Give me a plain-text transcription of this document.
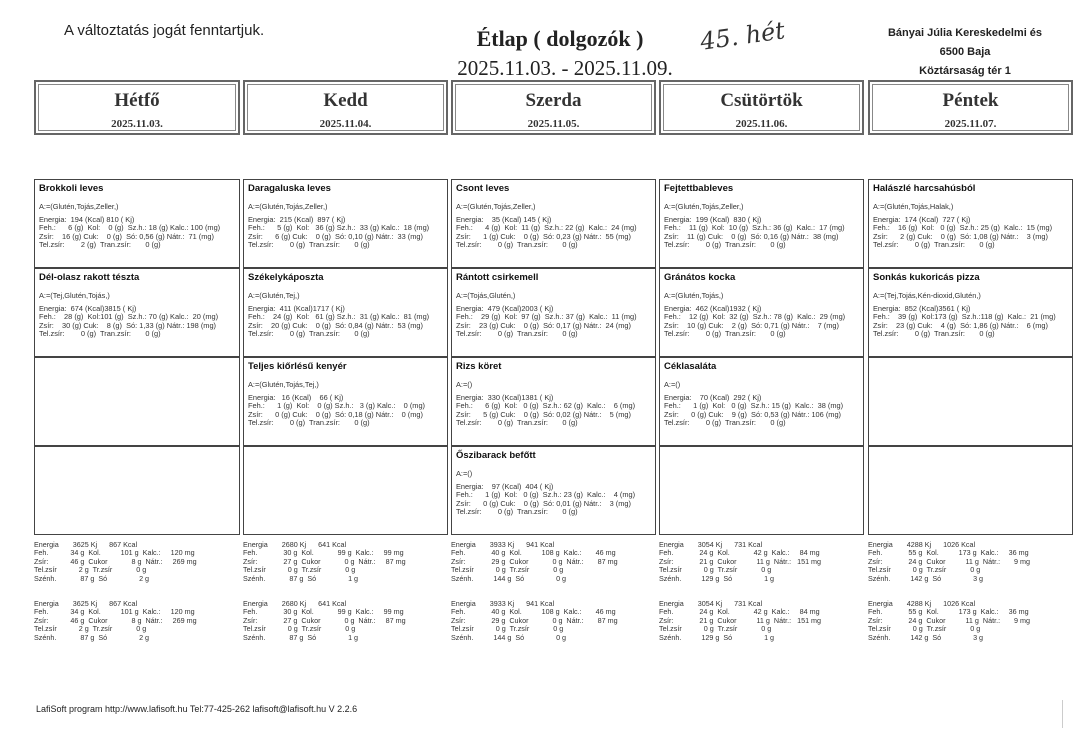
A változtatás jogát fenntartjuk.	Étlap ( dolgozók )
2025.11.03. - 2025.11.09.
45. hét	Bányai Júlia Kereskedelmi és
6500 Baja
Köztársaság tér 1
Hétfő
2025.11.03.
Kedd
2025.11.04.
Szerda
2025.11.05.
Csütörtök
2025.11.06.
Péntek
2025.11.07.
Brokkoli leves
A:=(Glutén,Tojás,Zeller,)
Energia:  194 (Kcal) 810 ( Kj)
Feh.:      6 (g)  Kol:    0 (g)  Sz.h.: 18 (g) Kalc.: 100 (mg)
Zsír:    16 (g) Cuk:    0 (g)  Só: 0,56 (g) Nátr.:  71 (mg)
Tel.zsír:        2 (g)  Tran.zsír:       0 (g)
Dél-olasz rakott tészta
A:=(Tej,Glutén,Tojás,)
Energia:  674 (Kcal)3815 ( Kj)
Feh.:    28 (g)  Kol:101 (g)  Sz.h.: 70 (g) Kalc.:  20 (mg)
Zsír:    30 (g) Cuk:    8 (g)  Só: 1,33 (g) Nátr.: 198 (mg)
Tel.zsír:        0 (g)  Tran.zsír:       0 (g)
Daragaluska leves
A:=(Glutén,Tojás,Zeller,)
Energia:  215 (Kcal)  897 ( Kj)
Feh.:      5 (g)  Kol:   36 (g) Sz.h.:  33 (g) Kalc.:  18 (mg)
Zsír:      6 (g) Cuk:    0 (g)  Só: 0,10 (g) Nátr.:  33 (mg)
Tel.zsír:        0 (g)  Tran.zsír:       0 (g)
Székelykáposzta
A:=(Glutén,Tej,)
Energia:  411 (Kcal)1717 ( Kj)
Feh.:    24 (g)  Kol:   61 (g) Sz.h.:  31 (g) Kalc.:  81 (mg)
Zsír:    20 (g) Cuk:    0 (g)  Só: 0,84 (g) Nátr.:  53 (mg)
Tel.zsír:        0 (g)  Tran.zsír:       0 (g)
Teljes kiőrlésű kenyér
A:=(Glutén,Tojás,Tej,)
Energia:   16 (Kcal)    66 ( Kj)
Feh.:      1 (g)  Kol:    0 (g) Sz.h.:   3 (g) Kalc.:    0 (mg)
Zsír:      0 (g) Cuk:    0 (g)  Só: 0,18 (g) Nátr.:    0 (mg)
Tel.zsír:        0 (g)  Tran.zsír:       0 (g)
Csont leves
A:=(Glutén,Tojás,Zeller,)
Energia:    35 (Kcal) 145 ( Kj)
Feh.:      4 (g)  Kol:  11 (g)  Sz.h.: 22 (g)  Kalc.:  24 (mg)
Zsír:      1 (g) Cuk:    0 (g)  Só: 0,23 (g) Nátr.:  55 (mg)
Tel.zsír:        0 (g)  Tran.zsír:       0 (g)
Rántott csirkemell
A:=(Tojás,Glutén,)
Energia:  479 (Kcal)2003 ( Kj)
Feh.:    29 (g)  Kol:  97 (g)  Sz.h.: 37 (g)  Kalc.:  11 (mg)
Zsír:    23 (g) Cuk:    0 (g)  Só: 0,17 (g) Nátr.:  24 (mg)
Tel.zsír:        0 (g)  Tran.zsír:       0 (g)
Rizs köret
A:=()
Energia:  330 (Kcal)1381 ( Kj)
Feh.:      6 (g)  Kol:   0 (g)  Sz.h.: 62 (g)  Kalc.:    6 (mg)
Zsír:      5 (g) Cuk:    0 (g)  Só: 0,02 (g) Nátr.:    5 (mg)
Tel.zsír:        0 (g)  Tran.zsír:       0 (g)
Őszibarack befőtt
A:=()
Energia:    97 (Kcal)  404 ( Kj)
Feh.:      1 (g)  Kol:   0 (g)  Sz.h.: 23 (g)  Kalc.:    4 (mg)
Zsír:      0 (g) Cuk:    0 (g)  Só: 0,01 (g) Nátr.:    3 (mg)
Tel.zsír:        0 (g)  Tran.zsír:       0 (g)
Fejtettbableves
A:=(Glutén,Tojás,Zeller,)
Energia:  199 (Kcal)  830 ( Kj)
Feh.:    11 (g)  Kol:  10 (g)  Sz.h.: 36 (g)  Kalc.:  17 (mg)
Zsír:    11 (g) Cuk:    0 (g)  Só: 0,16 (g) Nátr.:  38 (mg)
Tel.zsír:        0 (g)  Tran.zsír:       0 (g)
Gránátos kocka
A:=(Glutén,Tojás,)
Energia:  462 (Kcal)1932 ( Kj)
Feh.:    12 (g)  Kol:  32 (g)  Sz.h.: 78 (g)  Kalc.:  29 (mg)
Zsír:    10 (g) Cuk:    2 (g)  Só: 0,71 (g) Nátr.:    7 (mg)
Tel.zsír:        0 (g)  Tran.zsír:       0 (g)
Céklasaláta
A:=()
Energia:    70 (Kcal)  292 ( Kj)
Feh.:      1 (g)  Kol:   0 (g)  Sz.h.: 15 (g)  Kalc.:  38 (mg)
Zsír:      0 (g) Cuk:    9 (g)  Só: 0,53 (g) Nátr.: 106 (mg)
Tel.zsír:        0 (g)  Tran.zsír:       0 (g)
Halászlé harcsahúsból
A:=(Glutén,Tojás,Halak,)
Energia:  174 (Kcal)  727 ( Kj)
Feh.:    16 (g)  Kol:   0 (g)  Sz.h.: 25 (g)  Kalc.:  15 (mg)
Zsír:      2 (g) Cuk:    0 (g)  Só: 1,08 (g) Nátr.:    3 (mg)
Tel.zsír:        0 (g)  Tran.zsír:       0 (g)
Sonkás kukoricás pizza
A:=(Tej,Tojás,Kén-dioxid,Glutén,)
Energia:  852 (Kcal)3561 ( Kj)
Feh.:    39 (g)  Kol:173 (g)  Sz.h.:118 (g)  Kalc.:  21 (mg)
Zsír:    23 (g) Cuk:    4 (g)  Só: 1,86 (g) Nátr.:    6 (mg)
Tel.zsír:        0 (g)  Tran.zsír:       0 (g)
Energia       3625 Kj      867 Kcal
Feh.           34 g  Kol.          101 g  Kalc.:     120 mg
Zsír:           46 g  Cukor            8 g  Nátr.:     269 mg
Tel.zsír           2 g  Tr.zsír            0 g
Szénh.            87 g  Só                2 g
Energia       2680 Kj      641 Kcal
Feh.             30 g  Kol.            99 g  Kalc.:     99 mg
Zsír:             27 g  Cukor            0 g  Nátr.:     87 mg
Tel.zsír           0 g  Tr.zsír            0 g
Szénh.            87 g  Só                1 g
Energia       3933 Kj      941 Kcal
Feh.             40 g  Kol.          108 g  Kalc.:       46 mg
Zsír:             29 g  Cukor            0 g  Nátr.:       87 mg
Tel.zsír           0 g  Tr.zsír            0 g
Szénh.          144 g  Só                0 g
Energia       3054 Kj      731 Kcal
Feh.             24 g  Kol.            42 g  Kalc.:     84 mg
Zsír:             21 g  Cukor          11 g  Nátr.:   151 mg
Tel.zsír           0 g  Tr.zsír            0 g
Szénh.          129 g  Só                1 g
Energia       4288 Kj      1026 Kcal
Feh.             55 g  Kol.          173 g  Kalc.:     36 mg
Zsír:             24 g  Cukor          11 g  Nátr.:       9 mg
Tel.zsír           0 g  Tr.zsír            0 g
Szénh.          142 g  Só                3 g
Energia       3625 Kj      867 Kcal
Feh.           34 g  Kol.          101 g  Kalc.:     120 mg
Zsír:           46 g  Cukor            8 g  Nátr.:     269 mg
Tel.zsír           2 g  Tr.zsír            0 g
Szénh.            87 g  Só                2 g
Energia       2680 Kj      641 Kcal
Feh.             30 g  Kol.            99 g  Kalc.:     99 mg
Zsír:             27 g  Cukor            0 g  Nátr.:     87 mg
Tel.zsír           0 g  Tr.zsír            0 g
Szénh.            87 g  Só                1 g
Energia       3933 Kj      941 Kcal
Feh.             40 g  Kol.          108 g  Kalc.:       46 mg
Zsír:             29 g  Cukor            0 g  Nátr.:       87 mg
Tel.zsír           0 g  Tr.zsír            0 g
Szénh.          144 g  Só                0 g
Energia       3054 Kj      731 Kcal
Feh.             24 g  Kol.            42 g  Kalc.:     84 mg
Zsír:             21 g  Cukor          11 g  Nátr.:   151 mg
Tel.zsír           0 g  Tr.zsír            0 g
Szénh.          129 g  Só                1 g
Energia       4288 Kj      1026 Kcal
Feh.             55 g  Kol.          173 g  Kalc.:     36 mg
Zsír:             24 g  Cukor          11 g  Nátr.:       9 mg
Tel.zsír           0 g  Tr.zsír            0 g
Szénh.          142 g  Só                3 g
LafiSoft program http://www.lafisoft.hu Tel:77-425-262 lafisoft@lafisoft.hu V 2.2.6
